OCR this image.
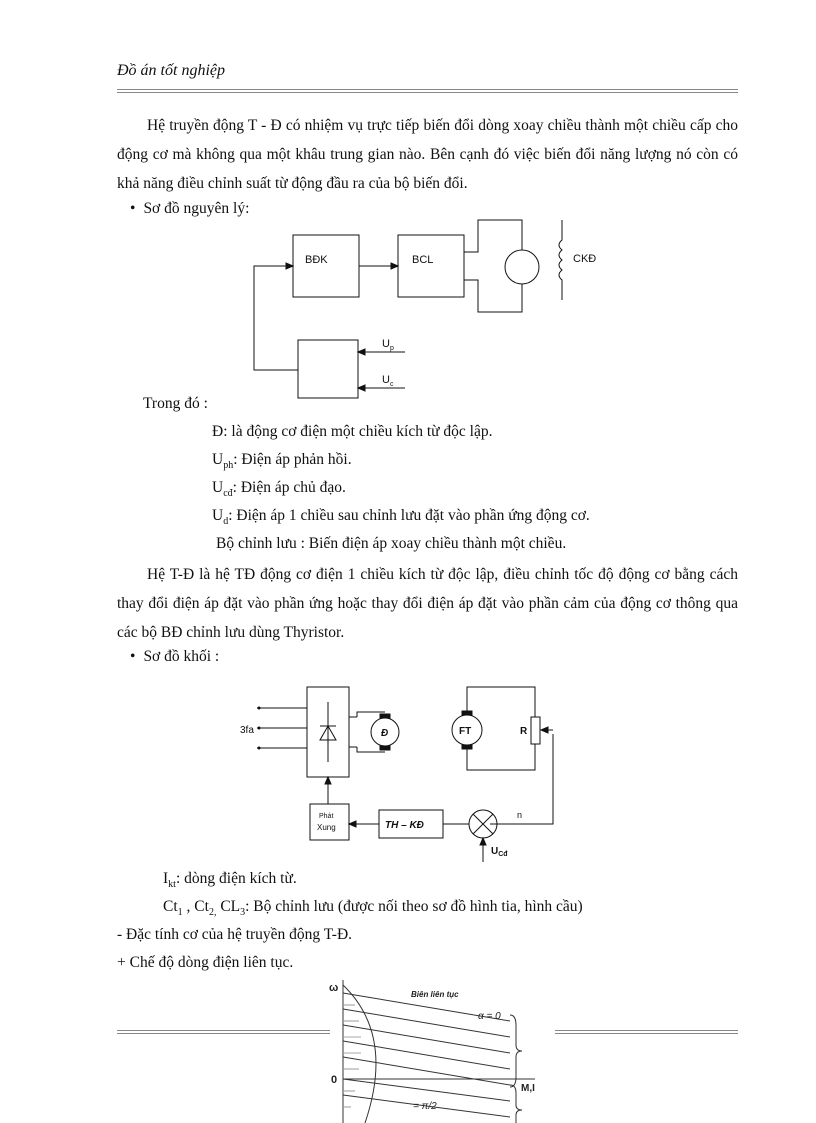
Đồ án tốt nghiệp
Hệ truyền động T - Đ có nhiệm vụ trực tiếp biến đổi dòng xoay chiều thành một chiều cấp cho động cơ mà không qua một khâu trung gian nào. Bên cạnh đó việc biến đổi năng lượng nó còn có khả năng điều chỉnh suất từ động đầu ra của bộ biến đổi.
• Sơ đồ nguyên lý:
BĐK	BCL	CKĐ
$U_p$
$U_c$
Trong đó :
Đ: là động cơ điện một chiều kích từ độc lập.
$U_{ph}$: Điện áp phản hồi.
$U_{cđ}$: Điện áp chủ đạo.
$U_d$: Điện áp 1 chiều sau chỉnh lưu đặt vào phần ứng động cơ.
Bộ chỉnh lưu : Biến điện áp xoay chiều thành một chiều.
Hệ T-Đ là hệ TĐ động cơ điện 1 chiều kích từ độc lập, điều chỉnh tốc độ động cơ bằng cách thay đổi điện áp đặt vào phần ứng hoặc thay đổi điện áp đặt vào phần cảm của động cơ thông qua các bộ BĐ chỉnh lưu dùng Thyristor.
• Sơ đồ khối :
3fa	Đ	FT	R
Phát
Xung	TH – KĐ
n
$U_{Cđ}$
$I_{kt}$: dòng điện kích từ.
$Ct_1$ , $Ct_{2,}$ $CL_3$: Bộ chỉnh lưu (được nối theo sơ đồ hình tia, hình cầu)
- Đặc tính cơ của hệ truyền động T-Đ.
+ Chế độ dòng điện liên tục.
ω
0
M,I
Biên liên tục
α = 0
= π/2
